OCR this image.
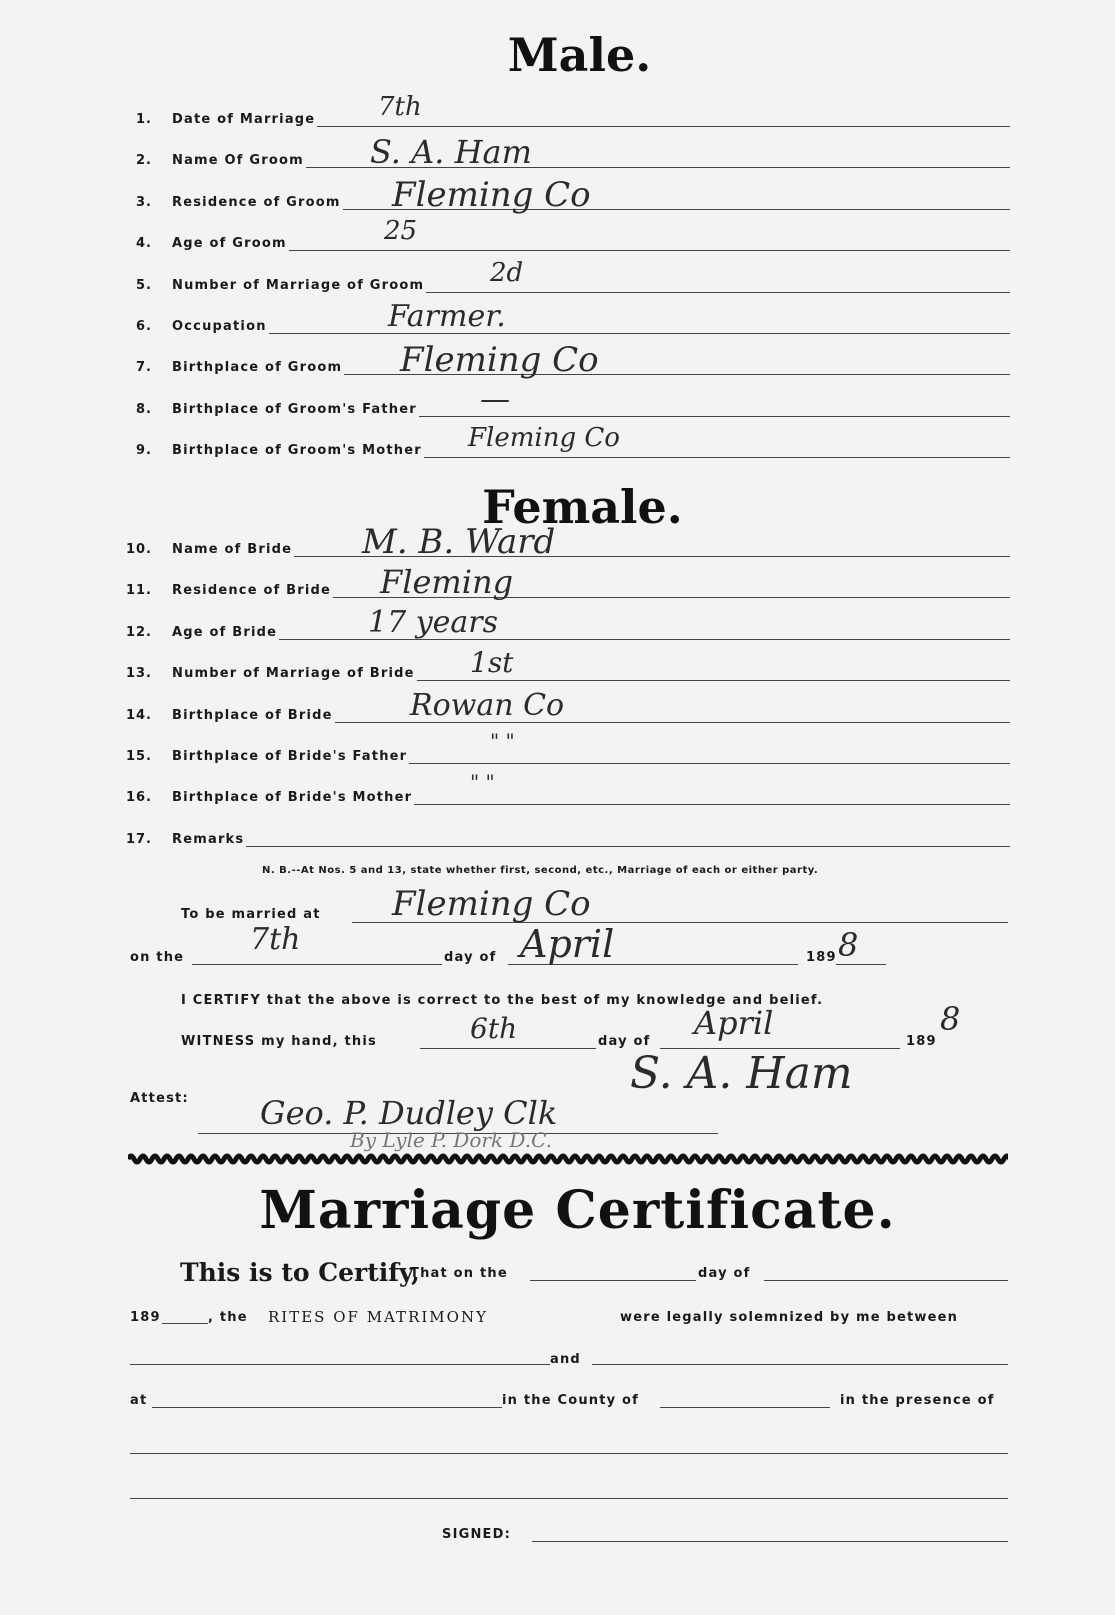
Male.
1. Date of Marriage 7th
2. Name Of Groom S. A. Ham
3. Residence of Groom Fleming Co
4. Age of Groom	25
5. Number of Marriage of Groom	2d
6. Occupation	Farmer.
7. Birthplace of Groom Fleming Co
8. Birthplace of Groom's Father —
9. Birthplace of Groom's Mother Fleming Co
Female.
10. Name of Bride M. B. Ward
11. Residence of Bride Fleming
12. Age of Bride	17 years
13. Number of Marriage of Bride 1st
14. Birthplace of Bride	Rowan Co
15. Birthplace of Bride's Father
" "
16. Birthplace of Bride's Mother
" "
17. Remarks
N. B.--At Nos. 5 and 13, state whether first, second, etc., Marriage of each or either party.
To be married at Fleming Co
on the
7th
day of April	189 8
I CERTIFY that the above is correct to the best of my knowledge and belief.
WITNESS my hand, this	6th	day of April	189
8
S. A. Ham
Attest: Geo. P. Dudley Clk
By Lyle P. Dork D.C.
Marriage Certificate.
This is to Certify,
That on the	day of
189	, the RITES OF MATRIMONY	were legally solemnized by me between
and
at	in the County of	in the presence of
SIGNED:
